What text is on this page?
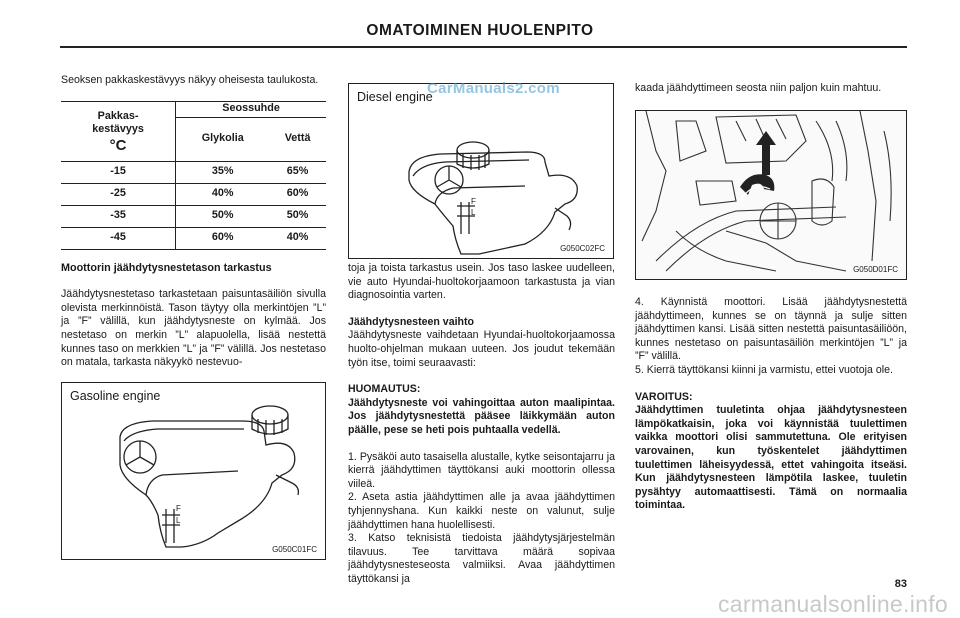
OMATOIMINEN HUOLENPITO

Seoksen pakkaskestävyys näkyy oheisesta taulukosta.

Pakkas-
kestävyys
°C	Seossuhde	
	Glykolia	Vettä
-15	35%	65%
-25	40%	60%
-35	50%	50%
-45	60%	40%

Moottorin jäähdytysnestetason tarkastus

Jäähdytysnestetaso tarkastetaan paisuntasäiliön sivulla olevista merkinnöistä. Tason täytyy olla merkintöjen ”L” ja ”F” välillä, kun jäähdytysneste on kylmää. Jos nestetaso on merkin ”L” alapuolella, lisää nestettä kunnes taso on merkkien ”L” ja ”F” välillä. Jos nestetaso on matala, tarkasta näkyykö nestevuo-

F
L
Gasoline engine
G050C01FC
F
L
Diesel engine
G050C02FC
CarManuals2.com
G050D01FC

toja ja toista tarkastus usein. Jos taso laskee uudelleen, vie auto Hyundai-huoltokorjaamoon tarkastusta ja vian diagnosointia varten.

Jäähdytysnesteen vaihto
Jäähdytysneste vaihdetaan Hyundai-huoltokorjaamossa huolto-ohjelman mukaan uuteen. Jos joudut tekemään työn itse, toimi seuraavasti:

HUOMAUTUS:
Jäähdytysneste voi vahingoittaa auton maalipintaa. Jos jäähdytysnestettä pääsee läikkymään auton päälle, pese se heti pois puhtaalla vedellä.

1. Pysäköi auto tasaisella alustalle, kytke seisontajarru ja kierrä jäähdyttimen täyttökansi auki moottorin ollessa viileä.

2. Aseta astia jäähdyttimen alle ja avaa jäähdyttimen tyhjennyshana. Kun kaikki neste on valunut, sulje jäähdyttimen hana huolellisesti.

3. Katso teknisistä tiedoista jäähdytysjärjestelmän tilavuus. Tee tarvittava määrä sopivaa jäähdytysnesteseosta valmiiksi. Avaa jäähdyttimen täyttökansi ja

kaada jäähdyttimeen seosta niin paljon kuin mahtuu.

4. Käynnistä moottori. Lisää jäähdytysnestettä jäähdyttimeen, kunnes se on täynnä ja sulje sitten jäähdyttimen kansi. Lisää sitten nestettä paisuntasäiliöön, kunnes nestetaso on paisuntasäiliön merkintöjen ”L” ja ”F” välillä.

5. Kierrä täyttökansi kiinni ja varmistu, ettei vuotoja ole.

VAROITUS:
Jäähdyttimen tuuletinta ohjaa jäähdytysnesteen lämpökatkaisin, joka voi käynnistää tuulettimen vaikka moottori olisi sammutettuna. Ole erityisen varovainen, kun työskentelet jäähdyttimen tuulettimen läheisyydessä, ettet vahingoita itseäsi. Kun jäähdytysnesteen lämpötila laskee, tuuletin pysähtyy automaattisesti. Tämä on normaalia toimintaa.

83
carmanualsonline.info
